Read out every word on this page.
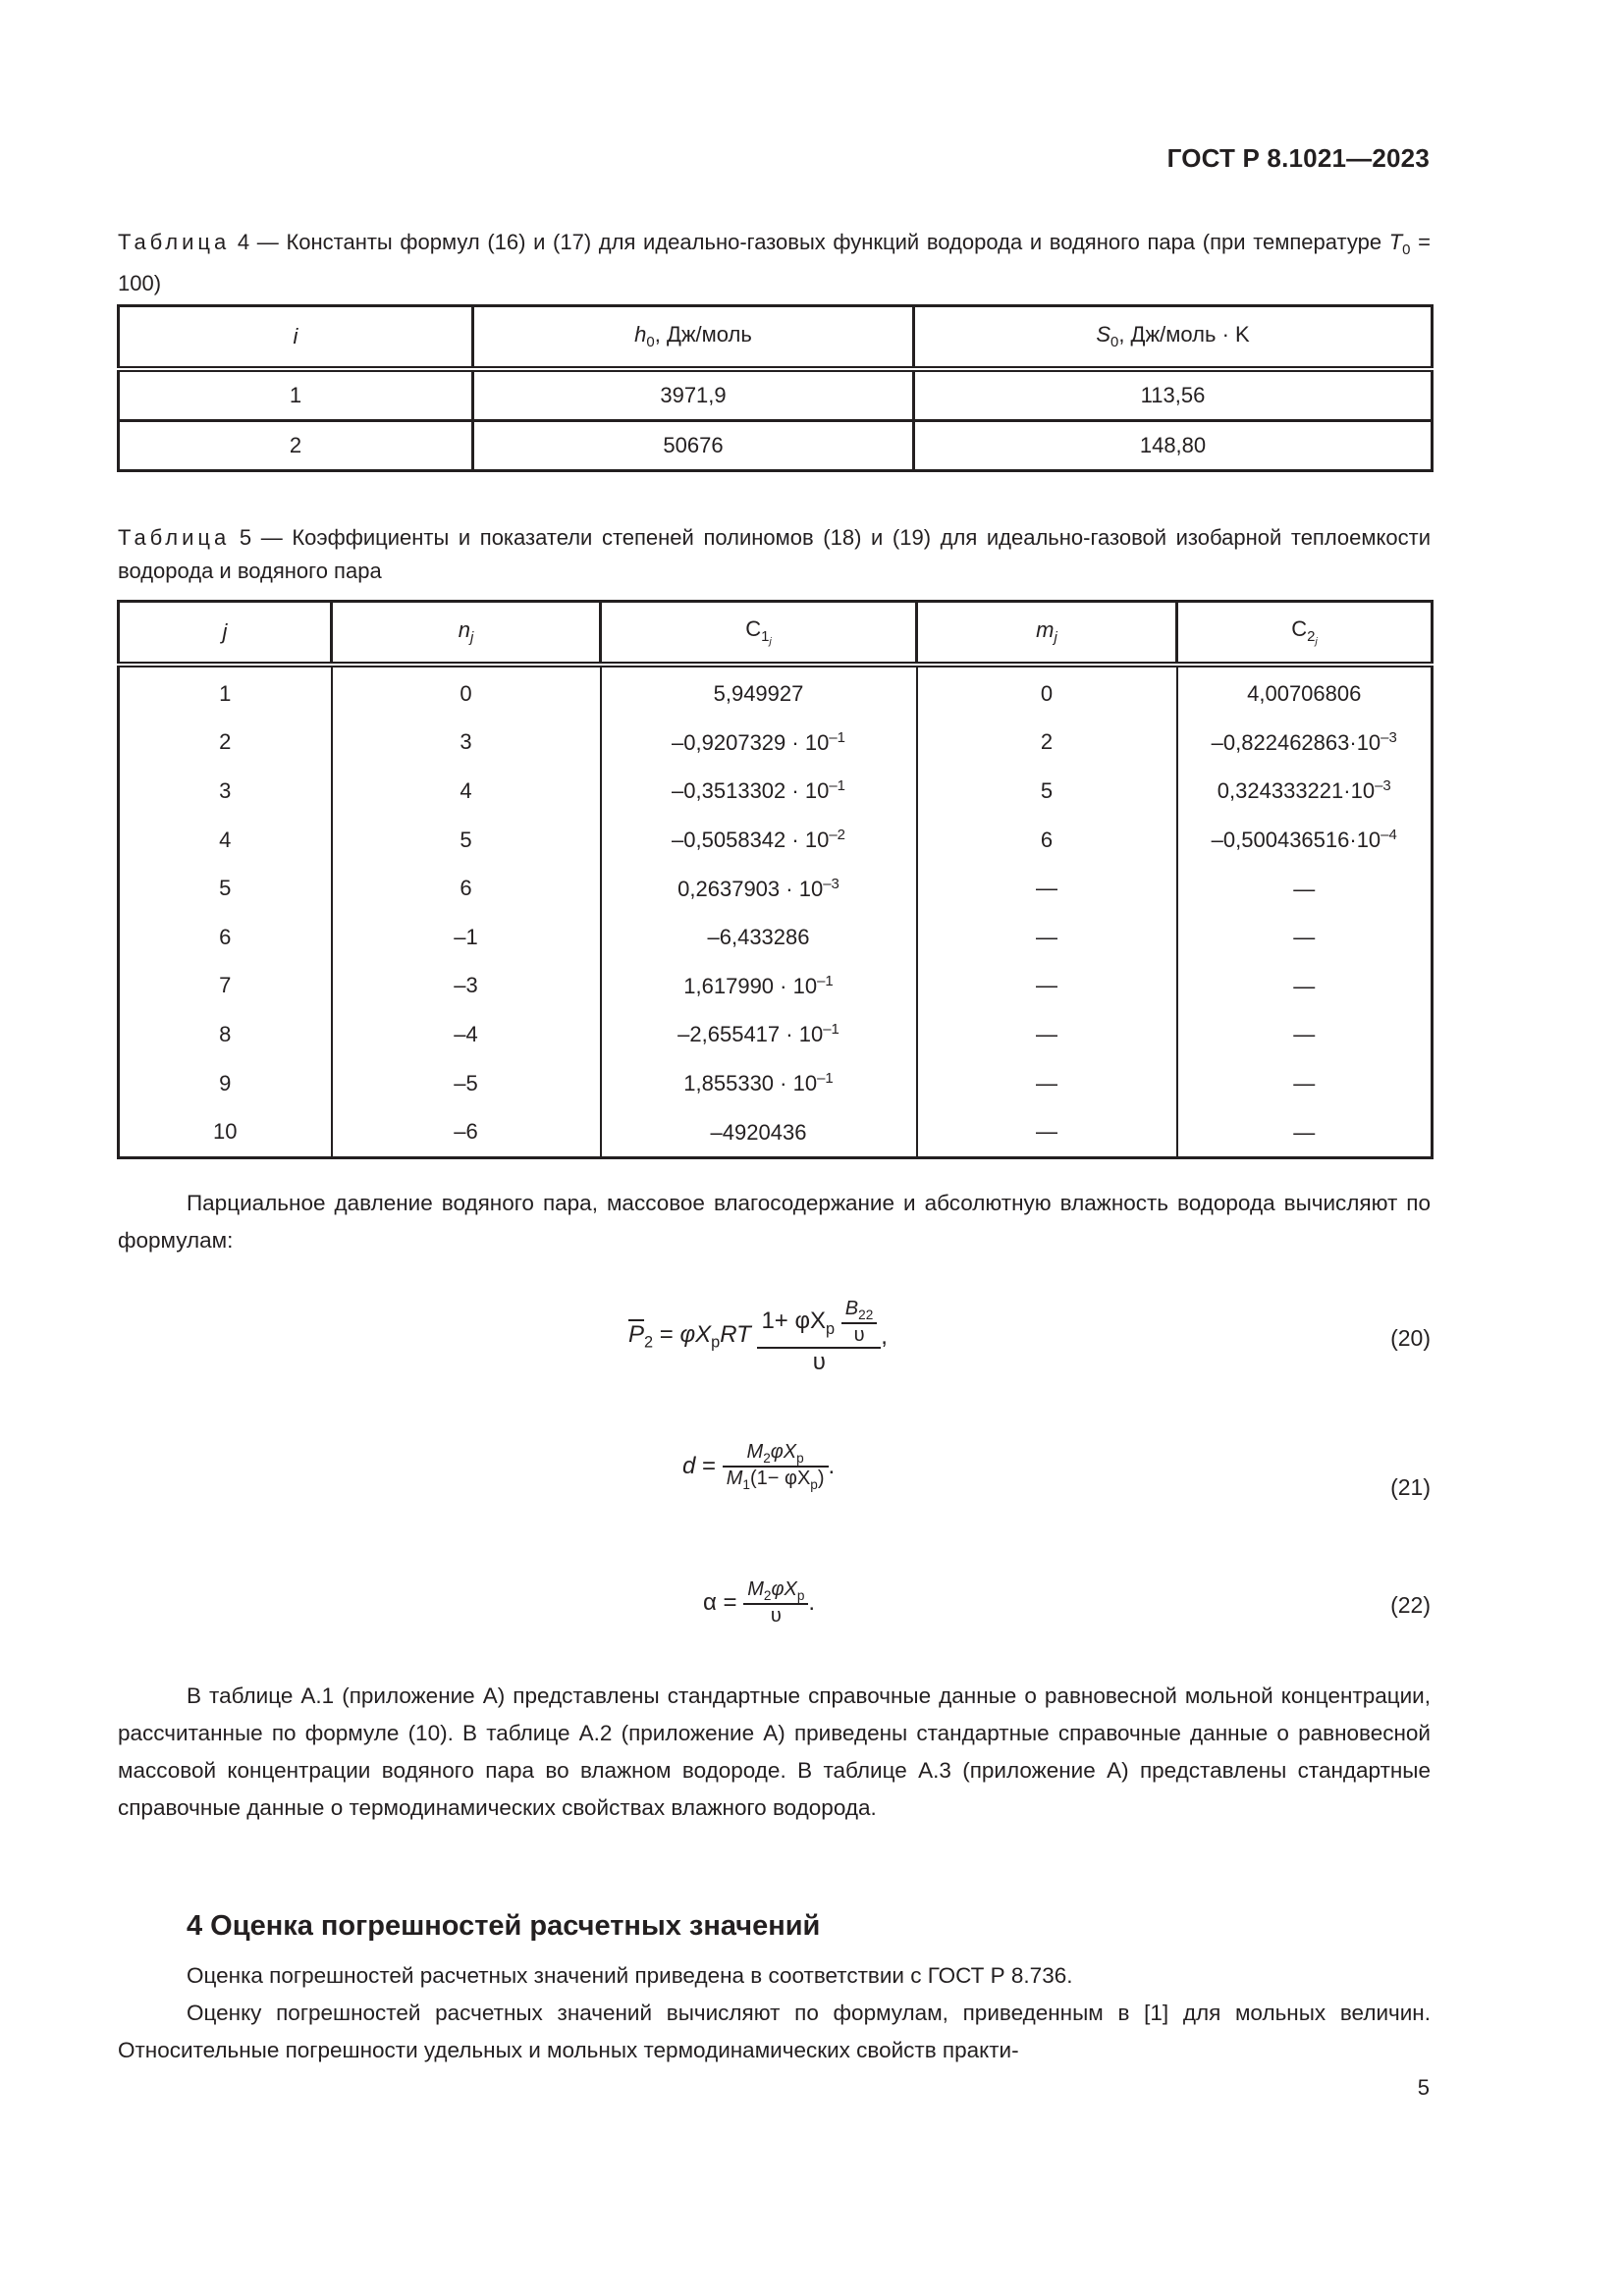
ГОСТ Р 8.1021—2023
Таблица 4 — Константы формул (16) и (17) для идеально-газовых функций водорода и водяного пара (при температуре $T_0 = 100$)
i	$h_0$, Дж/моль	$S_0$, Дж/моль · K
1	3971,9	113,56
2	50676	148,80
Таблица 5 — Коэффициенты и показатели степеней полиномов (18) и (19) для идеально-газовой изобарной теплоемкости водорода и водяного пара
j	$n_j$	$C_{1_j}$	$m_j$	$C_{2_j}$
1	0	5,949927	0	4,00706806
2	3	$-0,9207329 \cdot 10^{-1}$	2	$-0,822462863\cdot 10^{-3}$
3	4	$-0,3513302 \cdot 10^{-1}$	5	$0,324333221\cdot 10^{-3}$
4	5	$-0,5058342 \cdot 10^{-2}$	6	$-0,500436516\cdot 10^{-4}$
5	6	$0,2637903 \cdot 10^{-3}$	—	—
6	–1	–6,433286	—	—
7	–3	$1,617990 \cdot 10^{-1}$	—	—
8	–4	$-2,655417 \cdot 10^{-1}$	—	—
9	–5	$1,855330 \cdot 10^{-1}$	—	—
10	–6	–4920436	—	—
Парциальное давление водяного пара, массовое влагосодержание и абсолютную влажность водорода вычисляют по формулам:
$\overline{P}_2 = \varphi X_pRT \frac{1+ \varphi X_p \frac{B_{22}}{\upsilon}}{\upsilon}$ ,	(20)
$d = \frac{M_2\varphi X_p}{M_1(1- \varphi X_p)}$ .
(21)
$\alpha = \frac{M_2\varphi X_p}{\upsilon}$ .	(22)
В таблице А.1 (приложение А) представлены стандартные справочные данные о равновесной мольной концентрации, рассчитанные по формуле (10). В таблице А.2 (приложение А) приведены стандартные справочные данные о равновесной массовой концентрации водяного пара во влажном водороде. В таблице А.3 (приложение А) представлены стандартные справочные данные о термодинамических свойствах влажного водорода.
4 Оценка погрешностей расчетных значений
Оценка погрешностей расчетных значений приведена в соответствии с ГОСТ Р 8.736.
Оценку погрешностей расчетных значений вычисляют по формулам, приведенным в [1] для мольных величин. Относительные погрешности удельных и мольных термодинамических свойств практи-
5
